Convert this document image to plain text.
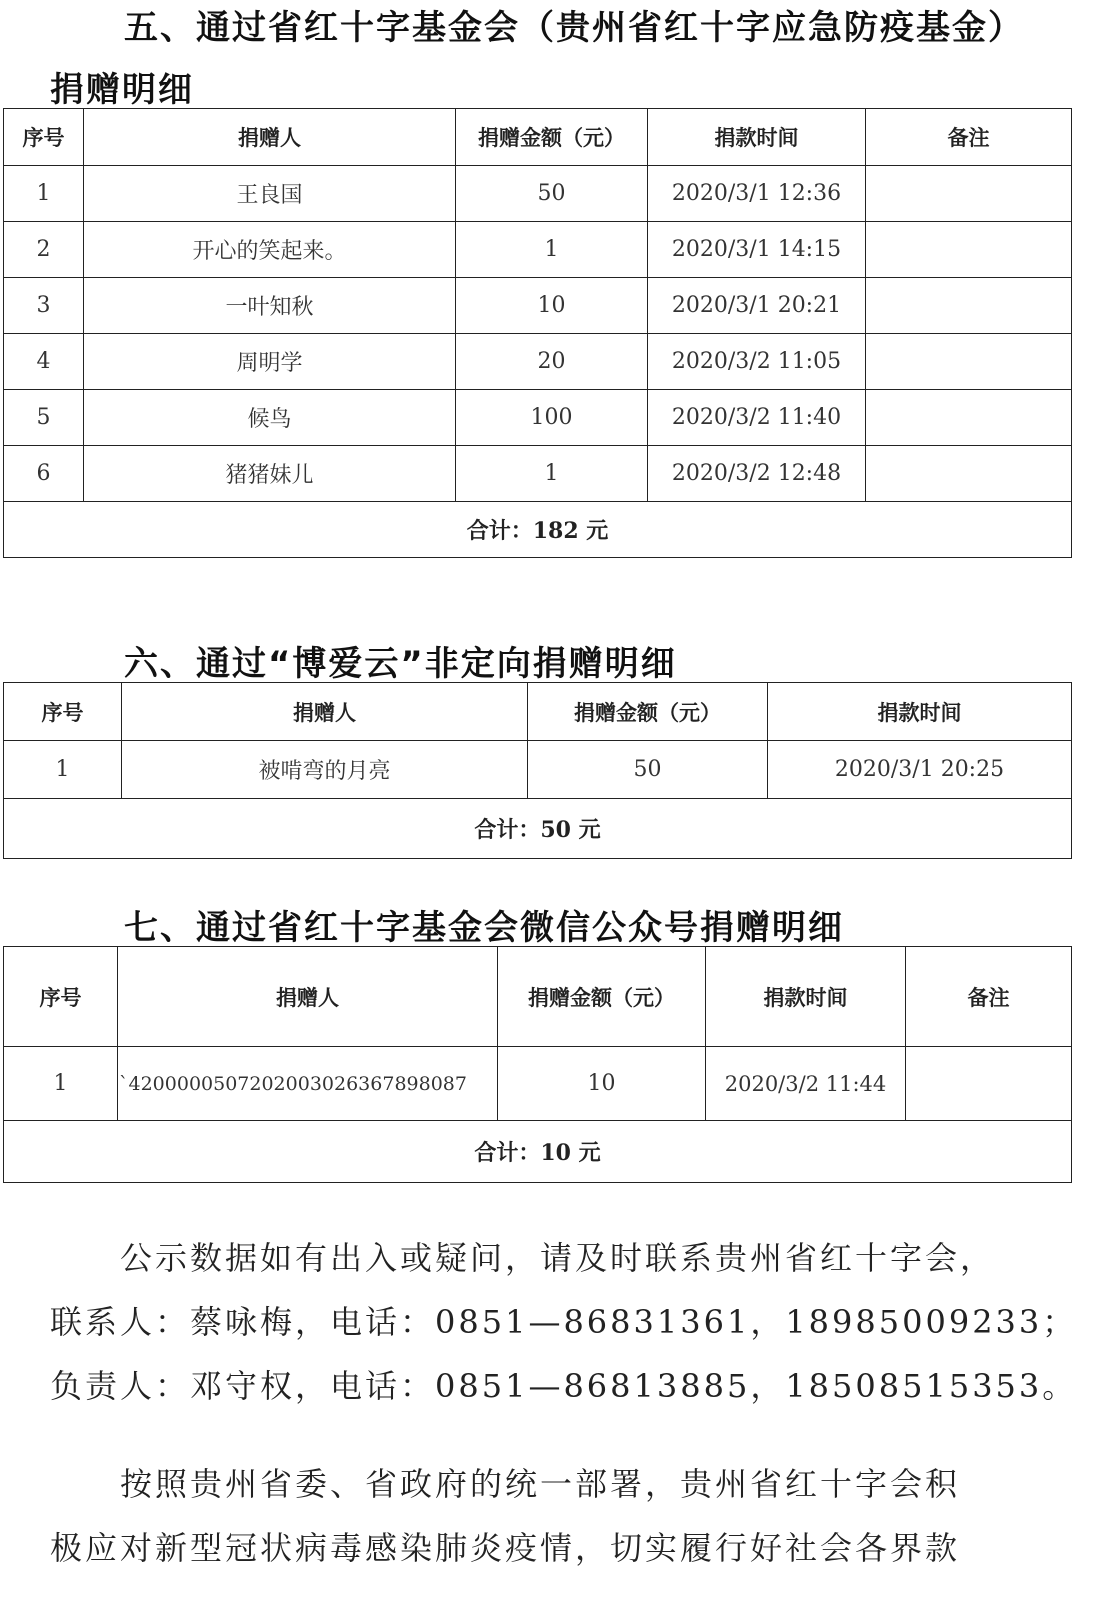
五、通过省红十字基金会（贵州省红十字应急防疫基金）
捐赠明细
序号	捐赠人	捐赠金额（元）	捐款时间	备注
1	王良国	50	2020/3/1 12:36	
2	开心的笑起来。	1	2020/3/1 14:15	
3	一叶知秋	10	2020/3/1 20:21	
4	周明学	20	2020/3/2 11:05	
5	候鸟	100	2020/3/2 11:40	
6	猪猪妹儿	1	2020/3/2 12:48	
合计：182 元				
六、通过“博爱云”非定向捐赠明细
序号	捐赠人	捐赠金额（元）	捐款时间
1	被啃弯的月亮	50	2020/3/1 20:25
合计：50 元			
七、通过省红十字基金会微信公众号捐赠明细
序号	捐赠人	捐赠金额（元）	捐款时间	备注
1	`4200000507202003026367898087	10	2020/3/2 11:44	
合计：10 元				

　　公示数据如有出入或疑问，请及时联系贵州省红十字会，

联系人：蔡咏梅，电话：0851—86831361，18985009233；

负责人：邓守权，电话：0851—86813885，18508515353。

　　按照贵州省委、省政府的统一部署，贵州省红十字会积

极应对新型冠状病毒感染肺炎疫情，切实履行好社会各界款
